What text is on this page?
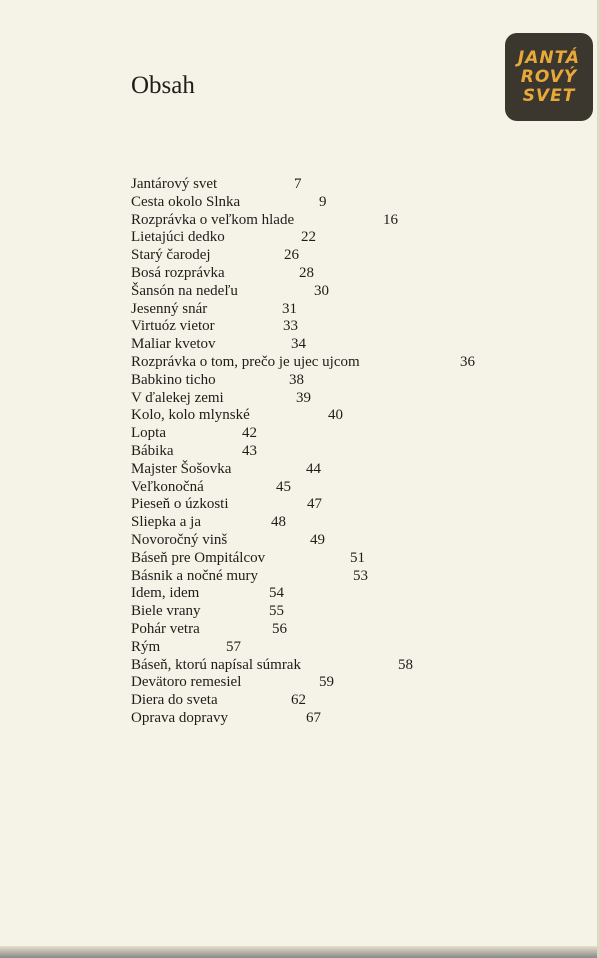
JANTÁ
ROVÝ
SVET
Obsah
Jantárový svet	7
Cesta okolo Slnka	9
Rozprávka o veľkom hlade	16
Lietajúci dedko	22
Starý čarodej	26
Bosá rozprávka	28
Šansón na nedeľu	30
Jesenný snár	31
Virtuóz vietor	33
Maliar kvetov	34
Rozprávka o tom, prečo je ujec ujcom	36
Babkino ticho	38
V ďalekej zemi	39
Kolo, kolo mlynské	40
Lopta	42
Bábika	43
Majster Šošovka	44
Veľkonočná	45
Pieseň o úzkosti	47
Sliepka a ja	48
Novoročný vinš	49
Báseň pre Ompitálcov	51
Básnik a nočné mury	53
Idem, idem	54
Biele vrany	55
Pohár vetra	56
Rým	57
Báseň, ktorú napísal súmrak	58
Devätoro remesiel	59
Diera do sveta	62
Oprava dopravy	67
